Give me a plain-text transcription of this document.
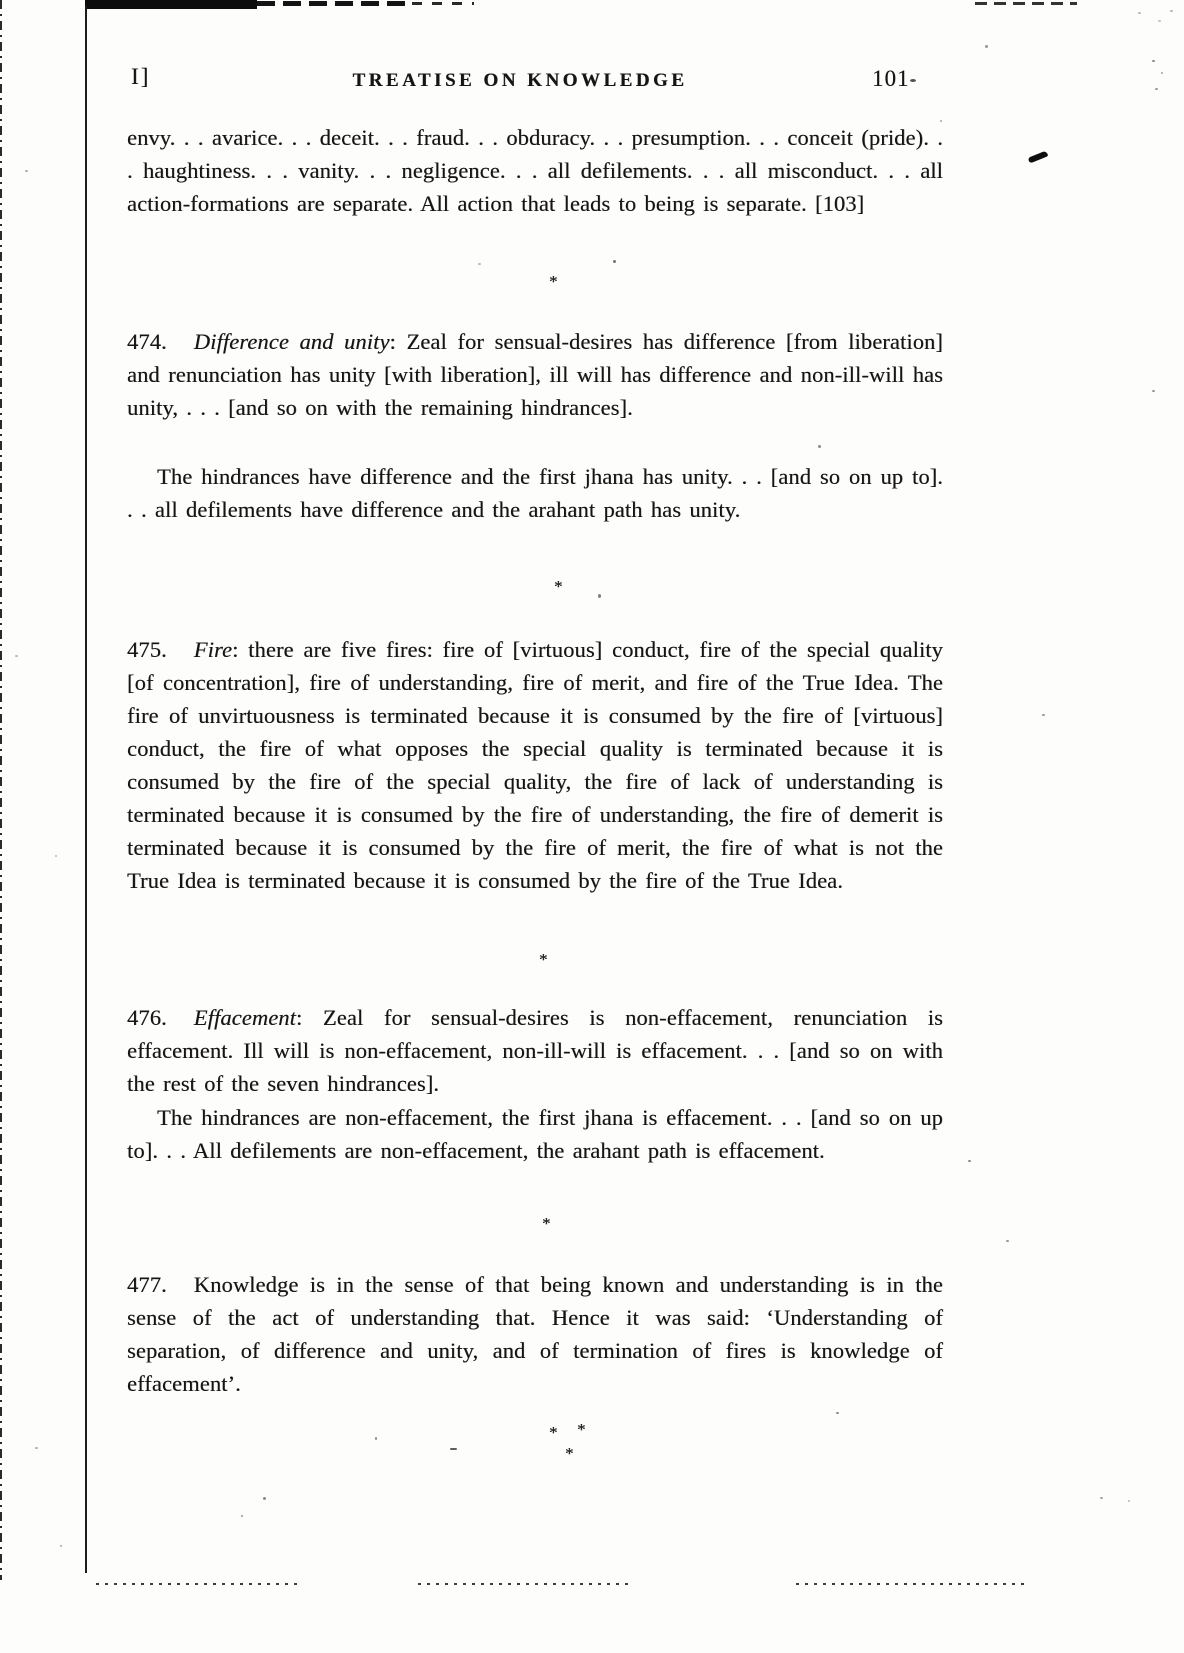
I]	TREATISE ON KNOWLEDGE	101

envy. . . avarice. . . deceit. . . fraud. . . obduracy. . . presumption. . . conceit (pride). . . haughtiness. . . vanity. . . negligence. . . all defilements. . . all misconduct. . . all action-formations are separate. All action that leads to being is separate. [103]

*

474. Difference and unity: Zeal for sensual-desires has difference [from liberation] and renunciation has unity [with liberation], ill will has difference and non-ill-will has unity, . . . [and so on with the remaining hindrances].

The hindrances have difference and the first jhana has unity. . . [and so on up to]. . . all defilements have difference and the arahant path has unity.

*

475. Fire: there are five fires: fire of [virtuous] conduct, fire of the special quality [of concentration], fire of understanding, fire of merit, and fire of the True Idea. The fire of unvirtuousness is terminated because it is consumed by the fire of [virtuous] conduct, the fire of what opposes the special quality is terminated because it is consumed by the fire of the special quality, the fire of lack of understanding is terminated because it is consumed by the fire of understanding, the fire of demerit is terminated because it is consumed by the fire of merit, the fire of what is not the True Idea is terminated because it is consumed by the fire of the True Idea.

*

476. Effacement: Zeal for sensual-desires is non-effacement, renunciation is effacement. Ill will is non-effacement, non-ill-will is effacement. . . [and so on with the rest of the seven hindrances].

The hindrances are non-effacement, the first jhana is effacement. . . [and so on up to]. . . All defilements are non-effacement, the arahant path is effacement.

*

477. Knowledge is in the sense of that being known and understanding is in the sense of the act of understanding that. Hence it was said: ‘Understanding of separation, of difference and unity, and of termination of fires is knowledge of effacement’.

* *
*
